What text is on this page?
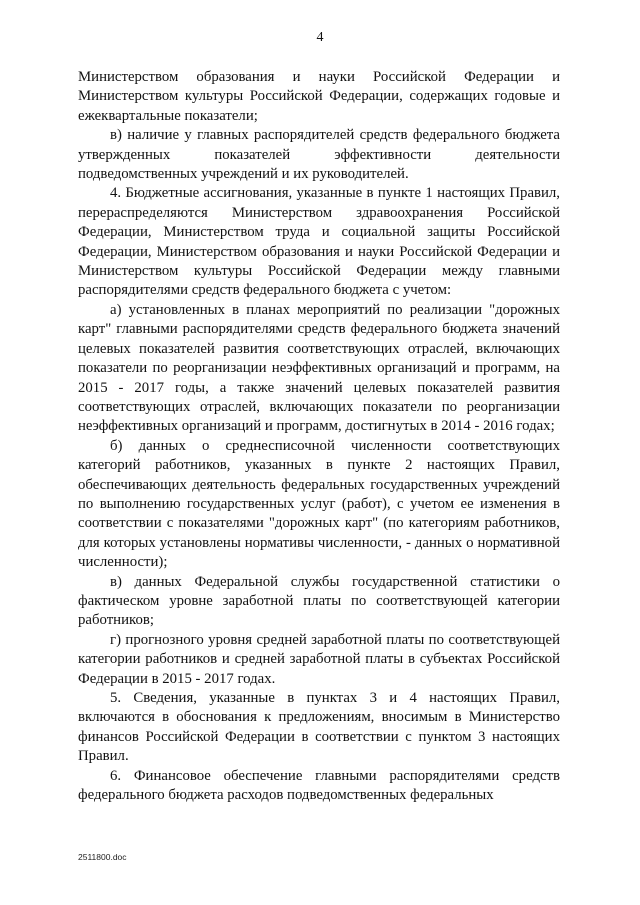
4

Министерством образования и науки Российской Федерации и Министерством культуры Российской Федерации, содержащих годовые и ежеквартальные показатели;

в) наличие у главных распорядителей средств федерального бюджета утвержденных показателей эффективности деятельности подведомственных учреждений и их руководителей.

4. Бюджетные ассигнования, указанные в пункте 1 настоящих Правил, перераспределяются Министерством здравоохранения Российской Федерации, Министерством труда и социальной защиты Российской Федерации, Министерством образования и науки Российской Федерации и Министерством культуры Российской Федерации между главными распорядителями средств федерального бюджета с учетом:

а) установленных в планах мероприятий по реализации "дорожных карт" главными распорядителями средств федерального бюджета значений целевых показателей развития соответствующих отраслей, включающих показатели по реорганизации неэффективных организаций и программ, на 2015 - 2017 годы, а также значений целевых показателей развития соответствующих отраслей, включающих показатели по реорганизации неэффективных организаций и программ, достигнутых в 2014 - 2016 годах;

б) данных о среднесписочной численности соответствующих категорий работников, указанных в пункте 2 настоящих Правил, обеспечивающих деятельность федеральных государственных учреждений по выполнению государственных услуг (работ), с учетом ее изменения в соответствии с показателями "дорожных карт" (по категориям работников, для которых установлены нормативы численности, - данных о нормативной численности);

в) данных Федеральной службы государственной статистики о фактическом уровне заработной платы по соответствующей категории работников;

г) прогнозного уровня средней заработной платы по соответствующей категории работников и средней заработной платы в субъектах Российской Федерации в 2015 - 2017 годах.

5. Сведения, указанные в пунктах 3 и 4 настоящих Правил, включаются в обоснования к предложениям, вносимым в Министерство финансов Российской Федерации в соответствии с пунктом 3 настоящих Правил.

6. Финансовое обеспечение главными распорядителями средств федерального бюджета расходов подведомственных федеральных

2511800.doc
